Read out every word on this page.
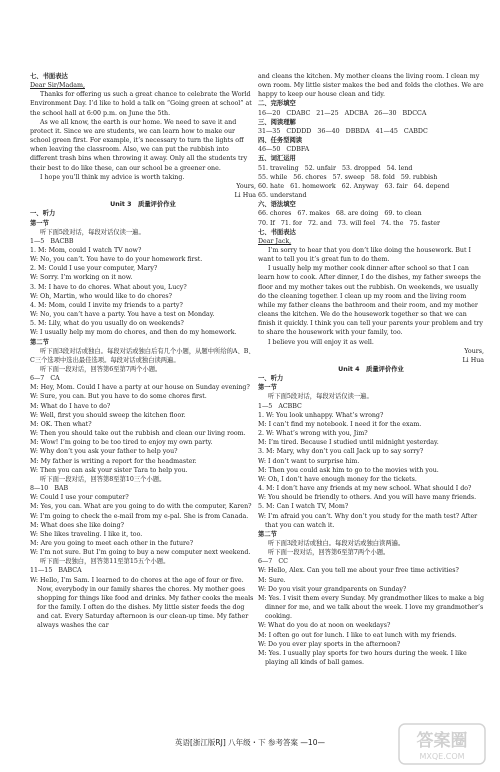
七、书面表达
Dear Sir/Madam,
Thanks for offering us such a great chance to celebrate the World Environment Day. I’d like to hold a talk on “Going green at school” at the school hall at 6:00 p.m. on June the 5th.
As we all know, the earth is our home. We need to save it and protect it. Since we are students, we can learn how to make our school green first. For example, it’s necessary to turn the lights off when leaving the classroom. Also, we can put the rubbish into different trash bins when throwing it away. Only all the students try their best to do like these, can our school be a greener one.
I hope you’ll think my advice is worth taking.
Yours,
Li Hua
Unit 3   质量评价作业
一、听力
第一节
听下面5段对话，每段对话仅读一遍。
1—5   BACBB
1. M: Mom, could I watch TV now?
W: No, you can’t. You have to do your homework first.
2. M: Could I use your computer, Mary?
W: Sorry. I’m working on it now.
3. M: I have to do chores. What about you, Lucy?
W: Oh, Martin, who would like to do chores?
4. M: Mom, could I invite my friends to a party?
W: No, you can’t have a party. You have a test on Monday.
5. M: Lily, what do you usually do on weekends?
W: I usually help my mom do chores, and then do my homework.
第二节
听下面3段对话或独白。每段对话或独白后有几个小题，从题中所给的A、B、C三个选项中选出最佳选项。每段对话或独白读两遍。
听下面一段对话，回答第6至第7两个小题。
6—7   CA
M: Hey, Mom. Could I have a party at our house on Sunday evening?
W: Sure, you can. But you have to do some chores first.
M: What do I have to do?
W: Well, first you should sweep the kitchen floor.
M: OK. Then what?
W: Then you should take out the rubbish and clean our living room.
M: Wow! I’m going to be too tired to enjoy my own party.
W: Why don’t you ask your father to help you?
M: My father is writing a report for the headmaster.
W: Then you can ask your sister Tara to help you.
听下面一段对话，回答第8至第10三个小题。
8—10   BAB
W: Could I use your computer?
M: Yes, you can. What are you going to do with the computer, Karen?
W: I’m going to check the e-mail from my e-pal. She is from Canada.
M: What does she like doing?
W: She likes traveling. I like it, too.
M: Are you going to meet each other in the future?
W: I’m not sure. But I’m going to buy a new computer next weekend.
听下面一段独白，回答第11至第15五个小题。
11—15   BABCA
W: Hello, I’m Sam. I learned to do chores at the age of four or five. Now, everybody in our family shares the chores. My mother goes shopping for things like food and drinks. My father cooks the meals for the family. I often do the dishes. My little sister feeds the dog and cat. Every Saturday afternoon is our clean-up time. My father always washes the car
and cleans the kitchen. My mother cleans the living room. I clean my own room. My little sister makes the bed and folds the clothes. We are happy to keep our house clean and tidy.
二、完形填空
16—20   CDABC   21—25   ADCBA   26—30   BDCCA
三、阅读理解
31—35   CDDDD   36—40   DBBDA   41—45   CABDC
四、任务型阅读
46—50   CDBFA
五、词汇运用
51. traveling   52. unfair   53. dropped   54. lend
55. while   56. chores   57. sweep   58. fold   59. rubbish
60. hate   61. homework   62. Anyway   63. fair   64. depend
65. understand
六、语法填空
66. chores   67. makes   68. are doing   69. to clean
70. If   71. for   72. and   73. will feel   74. the   75. faster
七、书面表达
Dear Jack,
I’m sorry to hear that you don’t like doing the housework. But I want to tell you it’s great fun to do them.
I usually help my mother cook dinner after school so that I can learn how to cook. After dinner, I do the dishes, my father sweeps the floor and my mother takes out the rubbish. On weekends, we usually do the cleaning together. I clean up my room and the living room while my father cleans the bathroom and their room, and my mother cleans the kitchen. We do the housework together so that we can finish it quickly. I think you can tell your parents your problem and try to share the housework with your family, too.
I believe you will enjoy it as well.
Yours,
Li Hua
Unit 4   质量评价作业
一、听力
第一节
听下面5段对话，每段对话仅读一遍。
1—5   ACBBC
1. W: You look unhappy. What’s wrong?
M: I can’t find my notebook. I need it for the exam.
2. W: What’s wrong with you, Jim?
M: I’m tired. Because I studied until midnight yesterday.
3. M: Mary, why don’t you call Jack up to say sorry?
W: I don’t want to surprise him.
M: Then you could ask him to go to the movies with you.
W: Oh, I don’t have enough money for the tickets.
4. M: I don’t have any friends at my new school. What should I do?
W: You should be friendly to others. And you will have many friends.
5. M: Can I watch TV, Mom?
W: I’m afraid you can’t. Why don’t you study for the math test? After that you can watch it.
第二节
听下面3段对话或独白。每段对话或独白读两遍。
听下面一段对话，回答第6至第7两个小题。
6—7   CC
W: Hello, Alex. Can you tell me about your free time activities?
M: Sure.
W: Do you visit your grandparents on Sunday?
M: Yes. I visit them every Sunday. My grandmother likes to make a big dinner for me, and we talk about the week. I love my grandmother’s cooking.
W: What do you do at noon on weekdays?
M: I often go out for lunch. I like to eat lunch with my friends.
W: Do you ever play sports in the afternoon?
M: Yes. I usually play sports for two hours during the week. I like playing all kinds of ball games.
英语[浙江版RJ] 八年级・下 参考答案 —10—	答案圈
MXQE.COM
